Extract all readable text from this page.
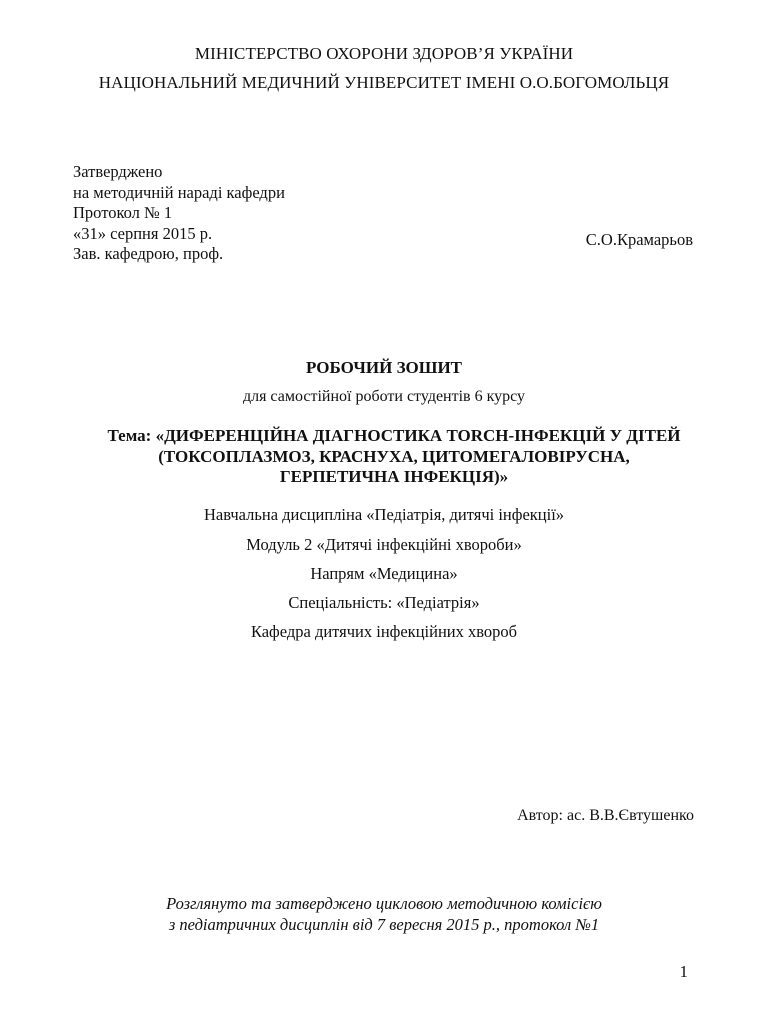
МІНІСТЕРСТВО ОХОРОНИ ЗДОРОВ’Я УКРАЇНИ
НАЦІОНАЛЬНИЙ МЕДИЧНИЙ УНІВЕРСИТЕТ ІМЕНІ О.О.БОГОМОЛЬЦЯ
Затверджено
на методичній нараді кафедри
Протокол № 1
«31» серпня 2015 р.
Зав. кафедрою, проф.
С.О.Крамарьов
РОБОЧИЙ ЗОШИТ
для самостійної роботи студентів 6 курсу
Тема: «ДИФЕРЕНЦІЙНА ДІАГНОСТИКА TORCH-ІНФЕКЦІЙ У ДІТЕЙ
(ТОКСОПЛАЗМОЗ, КРАСНУХА, ЦИТОМЕГАЛОВІРУСНА,
ГЕРПЕТИЧНА ІНФЕКЦІЯ)»
Навчальна дисципліна «Педіатрія, дитячі інфекції»
Модуль 2 «Дитячі інфекційні хвороби»
Напрям «Медицина»
Спеціальність: «Педіатрія»
Кафедра дитячих інфекційних хвороб
Автор: ас. В.В.Євтушенко
Розглянуто та затверджено цикловою методичною комісією
з педіатричних дисциплін від 7 вересня 2015 р., протокол №1
1
